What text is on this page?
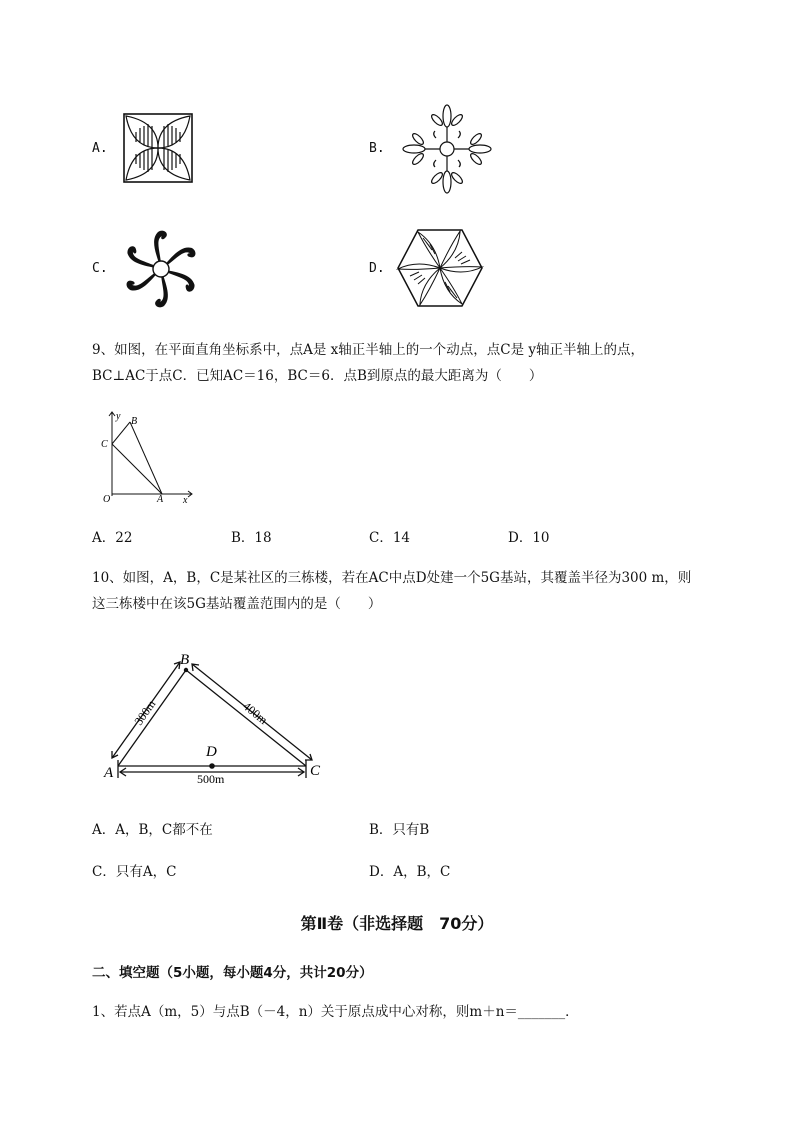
A.	B.
C.	D.
9、如图，在平面直角坐标系中，点A是 x轴正半轴上的一个动点，点C是 y轴正半轴上的点，
BC⊥AC于点C．已知AC＝16，BC＝6．点B到原点的最大距离为（　　）
y
x
O	A
B
C
A．22	B．18	C．14	D．10
10、如图，A，B，C是某社区的三栋楼，若在AC中点D处建一个5G基站，其覆盖半径为300 m，则
这三栋楼中在该5G基站覆盖范围内的是（　　）
A
B
C
D
500m
300m	400m
A．A，B，C都不在	B．只有B
C．只有A，C	D．A，B，C
第Ⅱ卷（非选择题　70分）
二、填空题（5小题，每小题4分，共计20分）
1、若点A（m，5）与点B（－4，n）关于原点成中心对称，则m＋n＝_______．
